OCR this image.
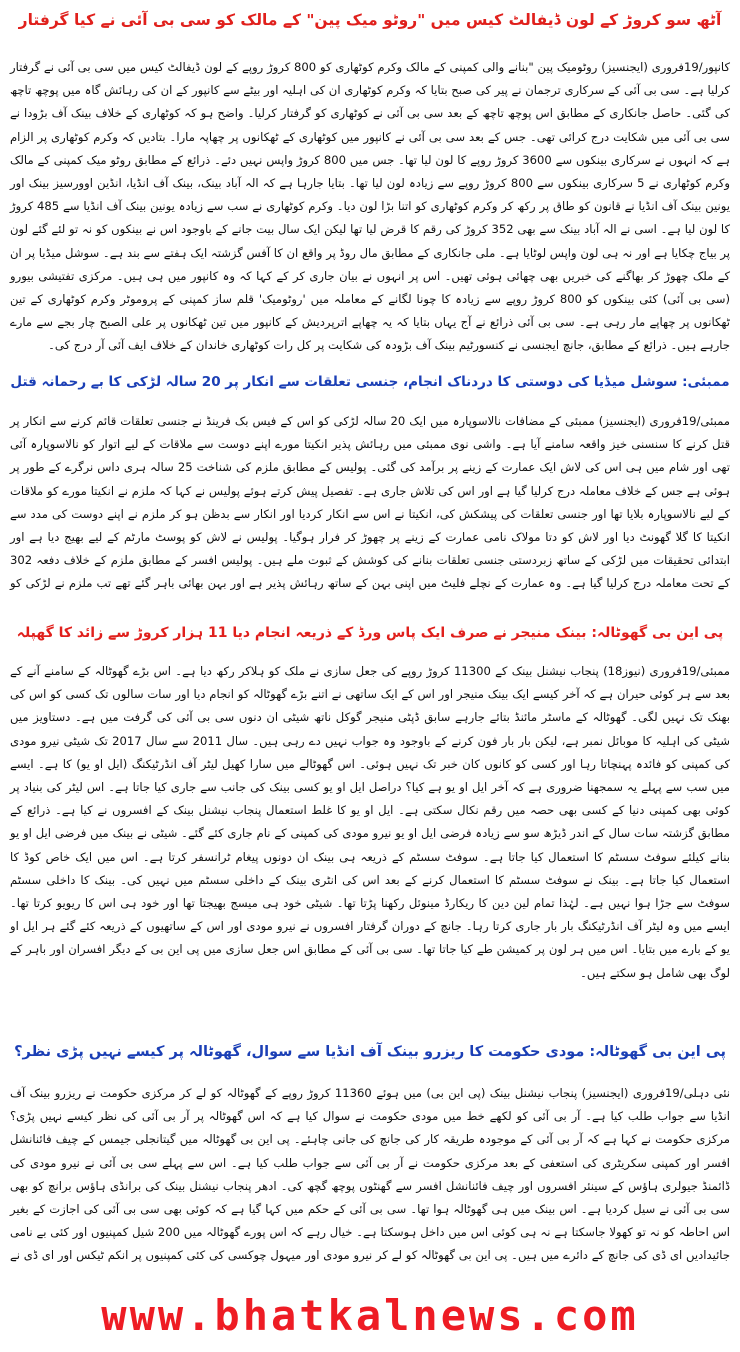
آٹھ سو کروڑ کے لون ڈیفالٹ کیس میں "روٹو میک پین" کے مالک کو سی بی آئی نے کیا گرفتار

کانپور/19فروری (ایجنسیز) روٹومیک پین "بنانے والی کمپنی کے مالک وکرم کوٹھاری کو 800 کروڑ روپے کے لون ڈیفالٹ کیس میں سی بی آئی نے گرفتار کرلیا ہے۔ سی بی آئی کے سرکاری ترجمان نے پیر کی صبح بتایا کہ وکرم کوٹھاری ان کی اہلیہ اور بیٹے سے کانپور کے ان کی رہائش گاہ میں پوچھ تاچھ کی گئی۔ حاصل جانکاری کے مطابق اس پوچھ تاچھ کے بعد سی بی آئی نے کوٹھاری کو گرفتار کرلیا۔ واضح ہو کہ کوٹھاری کے خلاف بینک آف بڑودا نے سی بی آئی میں شکایت درج کرائی تھی۔ جس کے بعد سی بی آئی نے کانپور میں کوٹھاری کے ٹھکانوں پر چھاپہ مارا۔ بتادیں کہ وکرم کوٹھاری پر الزام ہے کہ انہوں نے سرکاری بینکوں سے 3600 کروڑ روپے کا لون لیا تھا۔ جس میں 800 کروڑ واپس نہیں دئے۔ ذرائع کے مطابق روٹو میک کمپنی کے مالک وکرم کوٹھاری نے 5 سرکاری بینکوں سے 800 کروڑ روپے سے زیادہ لون لیا تھا۔ بتایا جارہا ہے کہ الہ آباد بینک، بینک آف انڈیا، انڈین اوورسیز بینک اور یونین بینک آف انڈیا نے قانون کو طاق پر رکھ کر وکرم کوٹھاری کو اتنا بڑا لون دیا۔ وکرم کوٹھاری نے سب سے زیادہ یونین بینک آف انڈیا سے 485 کروڑ کا لون لیا ہے۔ اسی نے الہ آباد بینک سے بھی 352 کروڑ کی رقم کا قرض لیا تھا لیکن ایک سال بیت جانے کے باوجود اس نے بینکوں کو نہ تو لئے گئے لون پر بیاج چکایا ہے اور نہ ہی لون واپس لوٹایا ہے۔ ملی جانکاری کے مطابق مال روڈ پر واقع ان کا آفس گزشتہ ایک ہفتے سے بند ہے۔ سوشل میڈیا پر ان کے ملک چھوڑ کر بھاگنے کی خبریں بھی چھائی ہوئی تھیں۔ اس پر انہوں نے بیان جاری کر کے کہا کہ وہ کانپور میں ہی ہیں۔ مرکزی تفتیشی بیورو (سی بی آئی) کئی بینکوں کو 800 کروڑ روپے سے زیادہ کا چونا لگانے کے معاملہ میں 'روٹومیک' قلم ساز کمپنی کے پروموٹر وکرم کوٹھاری کے تین ٹھکانوں پر چھاپے مار رہی ہے۔ سی بی آئی ذرائع نے آج یہاں بتایا کہ یہ چھاپے اترپردیش کے کانپور میں تین ٹھکانوں پر علی الصبح چار بجے سے مارے جارہے ہیں۔ ذرائع کے مطابق، جانچ ایجنسی نے کنسورٹیم بینک آف بڑودہ کی شکایت پر کل رات کوٹھاری خاندان کے خلاف ایف آئی آر درج کی۔

ممبئی: سوشل میڈیا کی دوستی کا دردناک انجام، جنسی تعلقات سے انکار پر 20 سالہ لڑکی کا بے رحمانہ قتل

ممبئی/19فروری (ایجنسیز) ممبئی کے مضافات نالاسوپارہ میں ایک 20 سالہ لڑکی کو اس کے فیس بک فرینڈ نے جنسی تعلقات قائم کرنے سے انکار پر قتل کرنے کا سنسنی خیز واقعہ سامنے آیا ہے۔ واشی نوی ممبئی میں رہائش پذیر انکیتا مورے اپنے دوست سے ملاقات کے لیے اتوار کو نالاسوپارہ آئی تھی اور شام میں ہی اس کی لاش ایک عمارت کے زینے پر برآمد کی گئی۔ پولیس کے مطابق ملزم کی شناخت 25 سالہ ہری داس نرگرے کے طور پر ہوئی ہے جس کے خلاف معاملہ درج کرلیا گیا ہے اور اس کی تلاش جاری ہے۔ تفصیل پیش کرتے ہوئے پولیس نے کہا کہ ملزم نے انکیتا مورے کو ملاقات کے لیے نالاسوپارہ بلایا تھا اور جنسی تعلقات کی پیشکش کی، انکیتا نے اس سے انکار کردیا اور انکار سے بدظن ہو کر ملزم نے اپنے دوست کی مدد سے انکیتا کا گلا گھونٹ دیا اور لاش کو دتا مولاک نامی عمارت کے زینے پر چھوڑ کر فرار ہوگیا۔ پولیس نے لاش کو پوسٹ مارٹم کے لیے بھیج دیا ہے اور ابتدائی تحقیقات میں لڑکی کے ساتھ زبردستی جنسی تعلقات بنانے کی کوشش کے ثبوت ملے ہیں۔ پولیس افسر کے مطابق ملزم کے خلاف دفعہ 302 کے تحت معاملہ درج کرلیا گیا ہے۔ وہ عمارت کے نچلے فلیٹ میں اپنی بہن کے ساتھ رہائش پذیر ہے اور بہن بھائی باہر گئے تھے تب ملزم نے لڑکی کو

پی این بی گھوٹالہ: بینک منیجر نے صرف ایک پاس ورڈ کے ذریعہ انجام دیا 11 ہزار کروڑ سے زائد کا گھپلہ

ممبئی/19فروری (نیوز18) پنجاب نیشنل بینک کے 11300 کروڑ روپے کی جعل سازی نے ملک کو ہلاکر رکھ دیا ہے۔ اس بڑے گھوٹالہ کے سامنے آنے کے بعد سے ہر کوئی حیران ہے کہ آخر کیسے ایک بینک منیجر اور اس کے ایک ساتھی نے اتنے بڑے گھوٹالہ کو انجام دیا اور سات سالوں تک کسی کو اس کی بھنک تک نہیں لگی۔ گھوٹالہ کے ماسٹر مائنڈ بتائے جارہے سابق ڈپٹی منیجر گوکل ناتھ شیٹی ان دنوں سی بی آئی کی گرفت میں ہے۔ دستاویز میں شیٹی کی اہلیہ کا موبائل نمبر ہے، لیکن بار بار فون کرنے کے باوجود وہ جواب نہیں دے رہی ہیں۔ سال 2011 سے سال 2017 تک شیٹی نیرو مودی کی کمپنی کو فائدہ پہنچاتا رہا اور کسی کو کانوں کان خبر تک نہیں ہوئی۔ اس گھوٹالے میں سارا کھیل لیٹر آف انڈرٹیکنگ (ایل او یو) کا ہے۔ ایسے میں سب سے پہلے یہ سمجھنا ضروری ہے کہ آخر ایل او یو ہے کیا؟ دراصل ایل او یو کسی بینک کی جانب سے جاری کیا جاتا ہے۔ اس لیٹر کی بنیاد پر کوئی بھی کمپنی دنیا کے کسی بھی حصہ میں رقم نکال سکتی ہے۔ ایل او یو کا غلط استعمال پنجاب نیشنل بینک کے افسروں نے کیا ہے۔ ذرائع کے مطابق گزشتہ سات سال کے اندر ڈیڑھ سو سے زیادہ فرضی ایل او یو نیرو مودی کی کمپنی کے نام جاری کئے گئے۔ شیٹی نے بینک میں فرضی ایل او یو بنانے کیلئے سوفٹ سسٹم کا استعمال کیا جاتا ہے۔ سوفٹ سسٹم کے ذریعہ ہی بینک ان دونوں پیغام ٹرانسفر کرتا ہے۔ اس میں ایک خاص کوڈ کا استعمال کیا جاتا ہے۔ بینک نے سوفٹ سسٹم کا استعمال کرنے کے بعد اس کی انٹری بینک کے داخلی سسٹم میں نہیں کی۔ بینک کا داخلی سسٹم سوفٹ سے جڑا ہوا نہیں ہے۔ لہٰذا تمام لین دین کا ریکارڈ مینوئل رکھنا پڑتا تھا۔ شیٹی خود ہی میسج بھیجتا تھا اور خود ہی اس کا ریویو کرتا تھا۔ ایسے میں وہ لیٹر آف انڈرٹیکنگ بار بار جاری کرتا رہا۔ جانچ کے دوران گرفتار افسروں نے نیرو مودی اور اس کے ساتھیوں کے ذریعہ کئے گئے ہر ایل او یو کے بارے میں بتایا۔ اس میں ہر لون پر کمیشن طے کیا جاتا تھا۔ سی بی آئی کے مطابق اس جعل سازی میں پی این بی کے دیگر افسران اور باہر کے لوگ بھی شامل ہو سکتے ہیں۔

پی این بی گھوٹالہ: مودی حکومت کا ریزرو بینک آف انڈیا سے سوال، گھوٹالہ پر کیسے نہیں پڑی نظر؟

نئی دہلی/19فروری (ایجنسیز) پنجاب نیشنل بینک (پی این بی) میں ہوئے 11360 کروڑ روپے کے گھوٹالہ کو لے کر مرکزی حکومت نے ریزرو بینک آف انڈیا سے جواب طلب کیا ہے۔ آر بی آئی کو لکھے خط میں مودی حکومت نے سوال کیا ہے کہ اس گھوٹالہ پر آر بی آئی کی نظر کیسے نہیں پڑی؟ مرکزی حکومت نے کہا ہے کہ آر بی آئی کے موجودہ طریقہ کار کی جانچ کی جانی چاہئے۔ پی این بی گھوٹالہ میں گیتانجلی جیمس کے چیف فائنانشل افسر اور کمپنی سکریٹری کی استعفی کے بعد مرکزی حکومت نے آر بی آئی سے جواب طلب کیا ہے۔ اس سے پہلے سی بی آئی نے نیرو مودی کی ڈائمنڈ جیولری ہاؤس کے سینئر افسروں اور چیف فائنانشل افسر سے گھنٹوں پوچھ گچھ کی۔ ادھر پنجاب نیشنل بینک کی برانڈی ہاؤس برانچ کو بھی سی بی آئی نے سیل کردیا ہے۔ اس بینک میں ہی گھوٹالہ ہوا تھا۔ سی بی آئی کے حکم میں کہا گیا ہے کہ کوئی بھی سی بی آئی کی اجازت کے بغیر اس احاطہ کو نہ تو کھولا جاسکتا ہے نہ ہی کوئی اس میں داخل ہوسکتا ہے۔ خیال رہے کہ اس پورے گھوٹالہ میں 200 شیل کمپنیوں اور کئی بے نامی جائیدادیں ای ڈی کی جانچ کے دائرے میں ہیں۔ پی این بی گھوٹالہ کو لے کر نیرو مودی اور میہول چوکسی کی کئی کمپنیوں پر انکم ٹیکس اور ای ڈی نے

www.bhatkalnews.com
